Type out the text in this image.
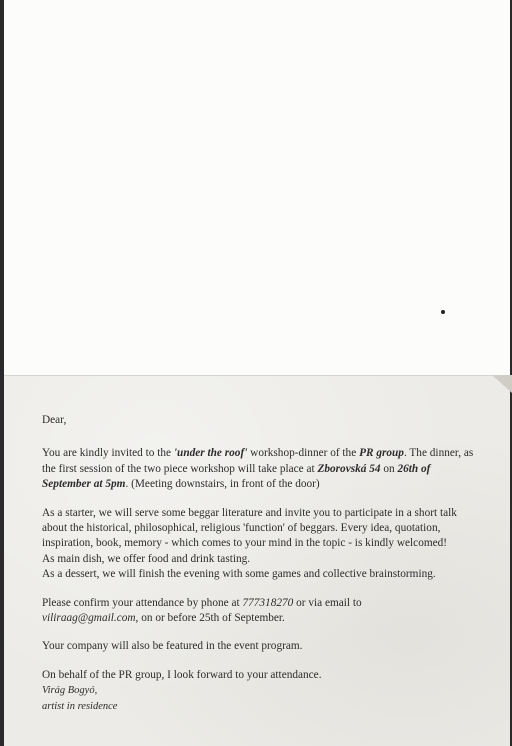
Dear,

You are kindly invited to the 'under the roof' workshop-dinner of the PR group. The dinner, as the first session of the two piece workshop will take place at Zborovská 54 on 26th of September at 5pm. (Meeting downstairs, in front of the door)

As a starter, we will serve some beggar literature and invite you to participate in a short talk about the historical, philosophical, religious 'function' of beggars. Every idea, quotation, inspiration, book, memory - which comes to your mind in the topic - is kindly welcomed!
As main dish, we offer food and drink tasting.
As a dessert, we will finish the evening with some games and collective brainstorming.

Please confirm your attendance by phone at 777318270 or via email to
viliraag@gmail.com, on or before 25th of September.

Your company will also be featured in the event program.

On behalf of the PR group, I look forward to your attendance.

Virág Bogyó,
artist in residence
